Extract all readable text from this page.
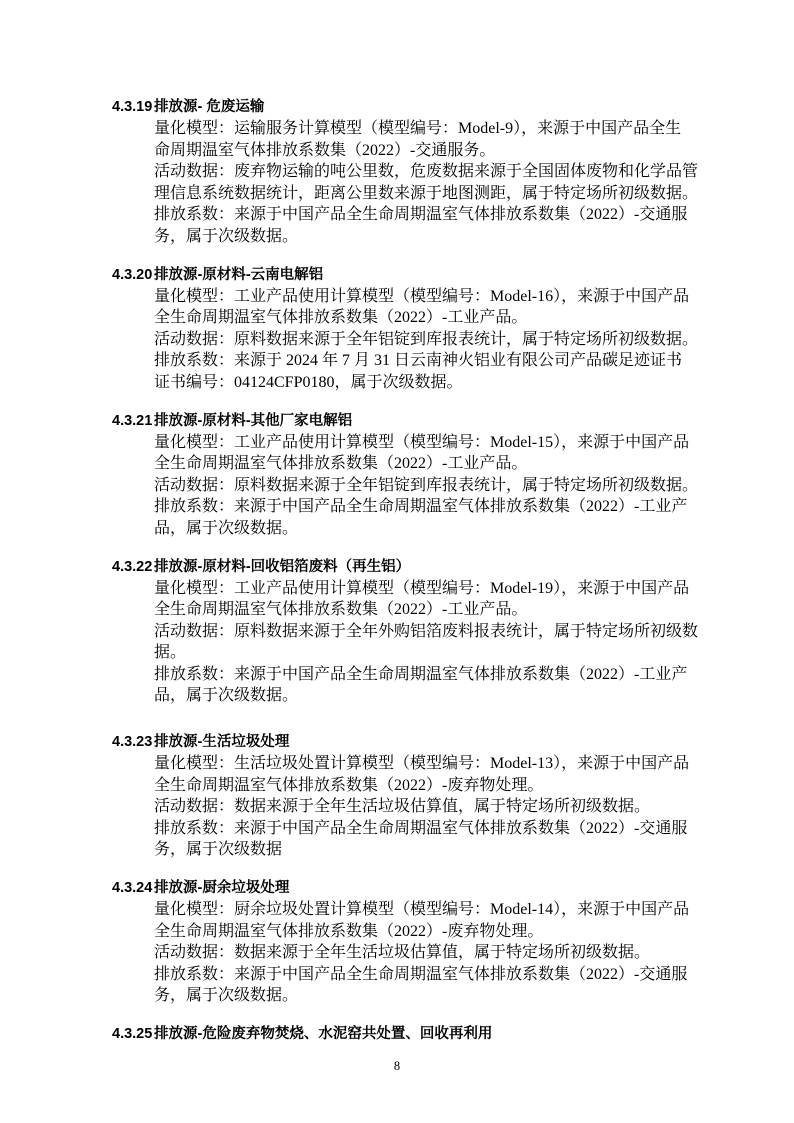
4.3.19 排放源- 危废运输
量化模型：运输服务计算模型（模型编号：Model-9），来源于中国产品全生
命周期温室气体排放系数集（2022）-交通服务。
活动数据：废弃物运输的吨公里数，危废数据来源于全国固体废物和化学品管
理信息系统数据统计，距离公里数来源于地图测距，属于特定场所初级数据。
排放系数：来源于中国产品全生命周期温室气体排放系数集（2022）-交通服
务，属于次级数据。
4.3.20 排放源-原材料-云南电解铝
量化模型：工业产品使用计算模型（模型编号：Model-16），来源于中国产品
全生命周期温室气体排放系数集（2022）-工业产品。
活动数据：原料数据来源于全年铝锭到库报表统计，属于特定场所初级数据。
排放系数：来源于 2024 年 7 月 31 日云南神火铝业有限公司产品碳足迹证书
证书编号：04124CFP0180，属于次级数据。
4.3.21 排放源-原材料-其他厂家电解铝
量化模型：工业产品使用计算模型（模型编号：Model-15），来源于中国产品
全生命周期温室气体排放系数集（2022）-工业产品。
活动数据：原料数据来源于全年铝锭到库报表统计，属于特定场所初级数据。
排放系数：来源于中国产品全生命周期温室气体排放系数集（2022）-工业产
品，属于次级数据。
4.3.22 排放源-原材料-回收铝箔废料（再生铝）
量化模型：工业产品使用计算模型（模型编号：Model-19），来源于中国产品
全生命周期温室气体排放系数集（2022）-工业产品。
活动数据：原料数据来源于全年外购铝箔废料报表统计，属于特定场所初级数
据。
排放系数：来源于中国产品全生命周期温室气体排放系数集（2022）-工业产
品，属于次级数据。
4.3.23 排放源-生活垃圾处理
量化模型：生活垃圾处置计算模型（模型编号：Model-13），来源于中国产品
全生命周期温室气体排放系数集（2022）-废弃物处理。
活动数据：数据来源于全年生活垃圾估算值，属于特定场所初级数据。
排放系数：来源于中国产品全生命周期温室气体排放系数集（2022）-交通服
务，属于次级数据
4.3.24 排放源-厨余垃圾处理
量化模型：厨余垃圾处置计算模型（模型编号：Model-14），来源于中国产品
全生命周期温室气体排放系数集（2022）-废弃物处理。
活动数据：数据来源于全年生活垃圾估算值，属于特定场所初级数据。
排放系数：来源于中国产品全生命周期温室气体排放系数集（2022）-交通服
务，属于次级数据。
4.3.25 排放源-危险废弃物焚烧、水泥窑共处置、回收再利用
8
